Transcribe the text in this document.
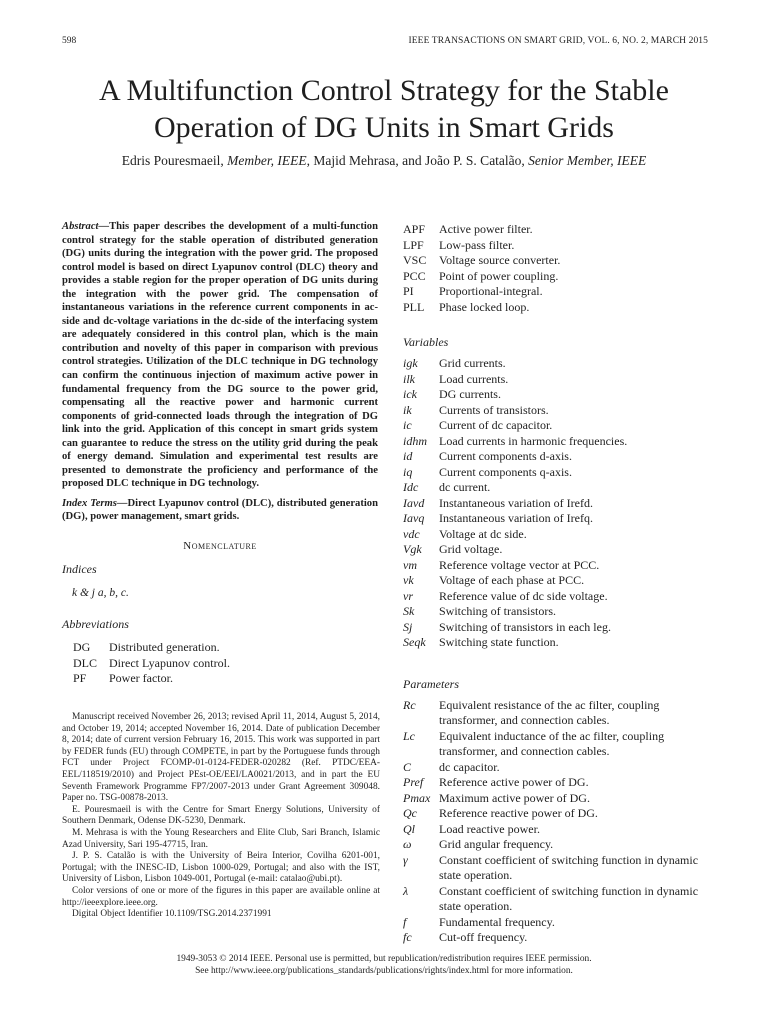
598	IEEE TRANSACTIONS ON SMART GRID, VOL. 6, NO. 2, MARCH 2015
A Multifunction Control Strategy for the Stable
Operation of DG Units in Smart Grids
Edris Pouresmaeil, Member, IEEE, Majid Mehrasa, and João P. S. Catalão, Senior Member, IEEE

Abstract—This paper describes the development of a multi-function control strategy for the stable operation of distributed generation (DG) units during the integration with the power grid. The proposed control model is based on direct Lyapunov control (DLC) theory and provides a stable region for the proper operation of DG units during the integration with the power grid. The compensation of instantaneous variations in the reference current components in ac-side and dc-voltage variations in the dc-side of the interfacing system are adequately considered in this control plan, which is the main contribution and novelty of this paper in comparison with previous control strategies. Utilization of the DLC technique in DG technology can confirm the continuous injection of maximum active power in fundamental frequency from the DG source to the power grid, compensating all the reactive power and harmonic current components of grid-connected loads through the integration of DG link into the grid. Application of this concept in smart grids system can guarantee to reduce the stress on the utility grid during the peak of energy demand. Simulation and experimental test results are presented to demonstrate the proficiency and performance of the proposed DLC technique in DG technology.

Index Terms—Direct Lyapunov control (DLC), distributed generation (DG), power management, smart grids.

Nomenclature
Indices
k & j a, b, c.
Abbreviations
DG	Distributed generation.
DLC	Direct Lyapunov control.
PF	Power factor.

Manuscript received November 26, 2013; revised April 11, 2014, August 5, 2014, and October 19, 2014; accepted November 16, 2014. Date of publication December 8, 2014; date of current version February 16, 2015. This work was supported in part by FEDER funds (EU) through COMPETE, in part by the Portuguese funds through FCT under Project FCOMP-01-0124-FEDER-020282 (Ref. PTDC/EEA-EEL/118519/2010) and Project PEst-OE/EEI/LA0021/2013, and in part the EU Seventh Framework Programme FP7/2007-2013 under Grant Agreement 309048. Paper no. TSG-00878-2013.

E. Pouresmaeil is with the Centre for Smart Energy Solutions, University of Southern Denmark, Odense DK-5230, Denmark.

M. Mehrasa is with the Young Researchers and Elite Club, Sari Branch, Islamic Azad University, Sari 195-47715, Iran.

J. P. S. Catalão is with the University of Beira Interior, Covilha 6201-001, Portugal; with the INESC-ID, Lisbon 1000-029, Portugal; and also with the IST, University of Lisbon, Lisbon 1049-001, Portugal (e-mail: catalao@ubi.pt).

Color versions of one or more of the figures in this paper are available online at http://ieeexplore.ieee.org.

Digital Object Identifier 10.1109/TSG.2014.2371991

APF	Active power filter.
LPF	Low-pass filter.
VSC	Voltage source converter.
PCC	Point of power coupling.
PI	Proportional-integral.
PLL	Phase locked loop.
Variables
igk	Grid currents.
ilk	Load currents.
ick	DG currents.
ik	Currents of transistors.
ic	Current of dc capacitor.
idhm	Load currents in harmonic frequencies.
id	Current components d-axis.
iq	Current components q-axis.
Idc	dc current.
Iavd	Instantaneous variation of Irefd.
Iavq	Instantaneous variation of Irefq.
vdc	Voltage at dc side.
Vgk	Grid voltage.
vm	Reference voltage vector at PCC.
vk	Voltage of each phase at PCC.
vr	Reference value of dc side voltage.
Sk	Switching of transistors.
Sj	Switching of transistors in each leg.
Seqk	Switching state function.
Parameters
Rc	Equivalent resistance of the ac filter, coupling transformer, and connection cables.
Lc	Equivalent inductance of the ac filter, coupling transformer, and connection cables.
C	dc capacitor.
Pref	Reference active power of DG.
Pmax	Maximum active power of DG.
Qc	Reference reactive power of DG.
Ql	Load reactive power.
ω	Grid angular frequency.
γ	Constant coefficient of switching function in dynamic state operation.
λ	Constant coefficient of switching function in dynamic state operation.
f	Fundamental frequency.
fc	Cut-off frequency.
1949-3053 © 2014 IEEE. Personal use is permitted, but republication/redistribution requires IEEE permission.
See http://www.ieee.org/publications_standards/publications/rights/index.html for more information.
